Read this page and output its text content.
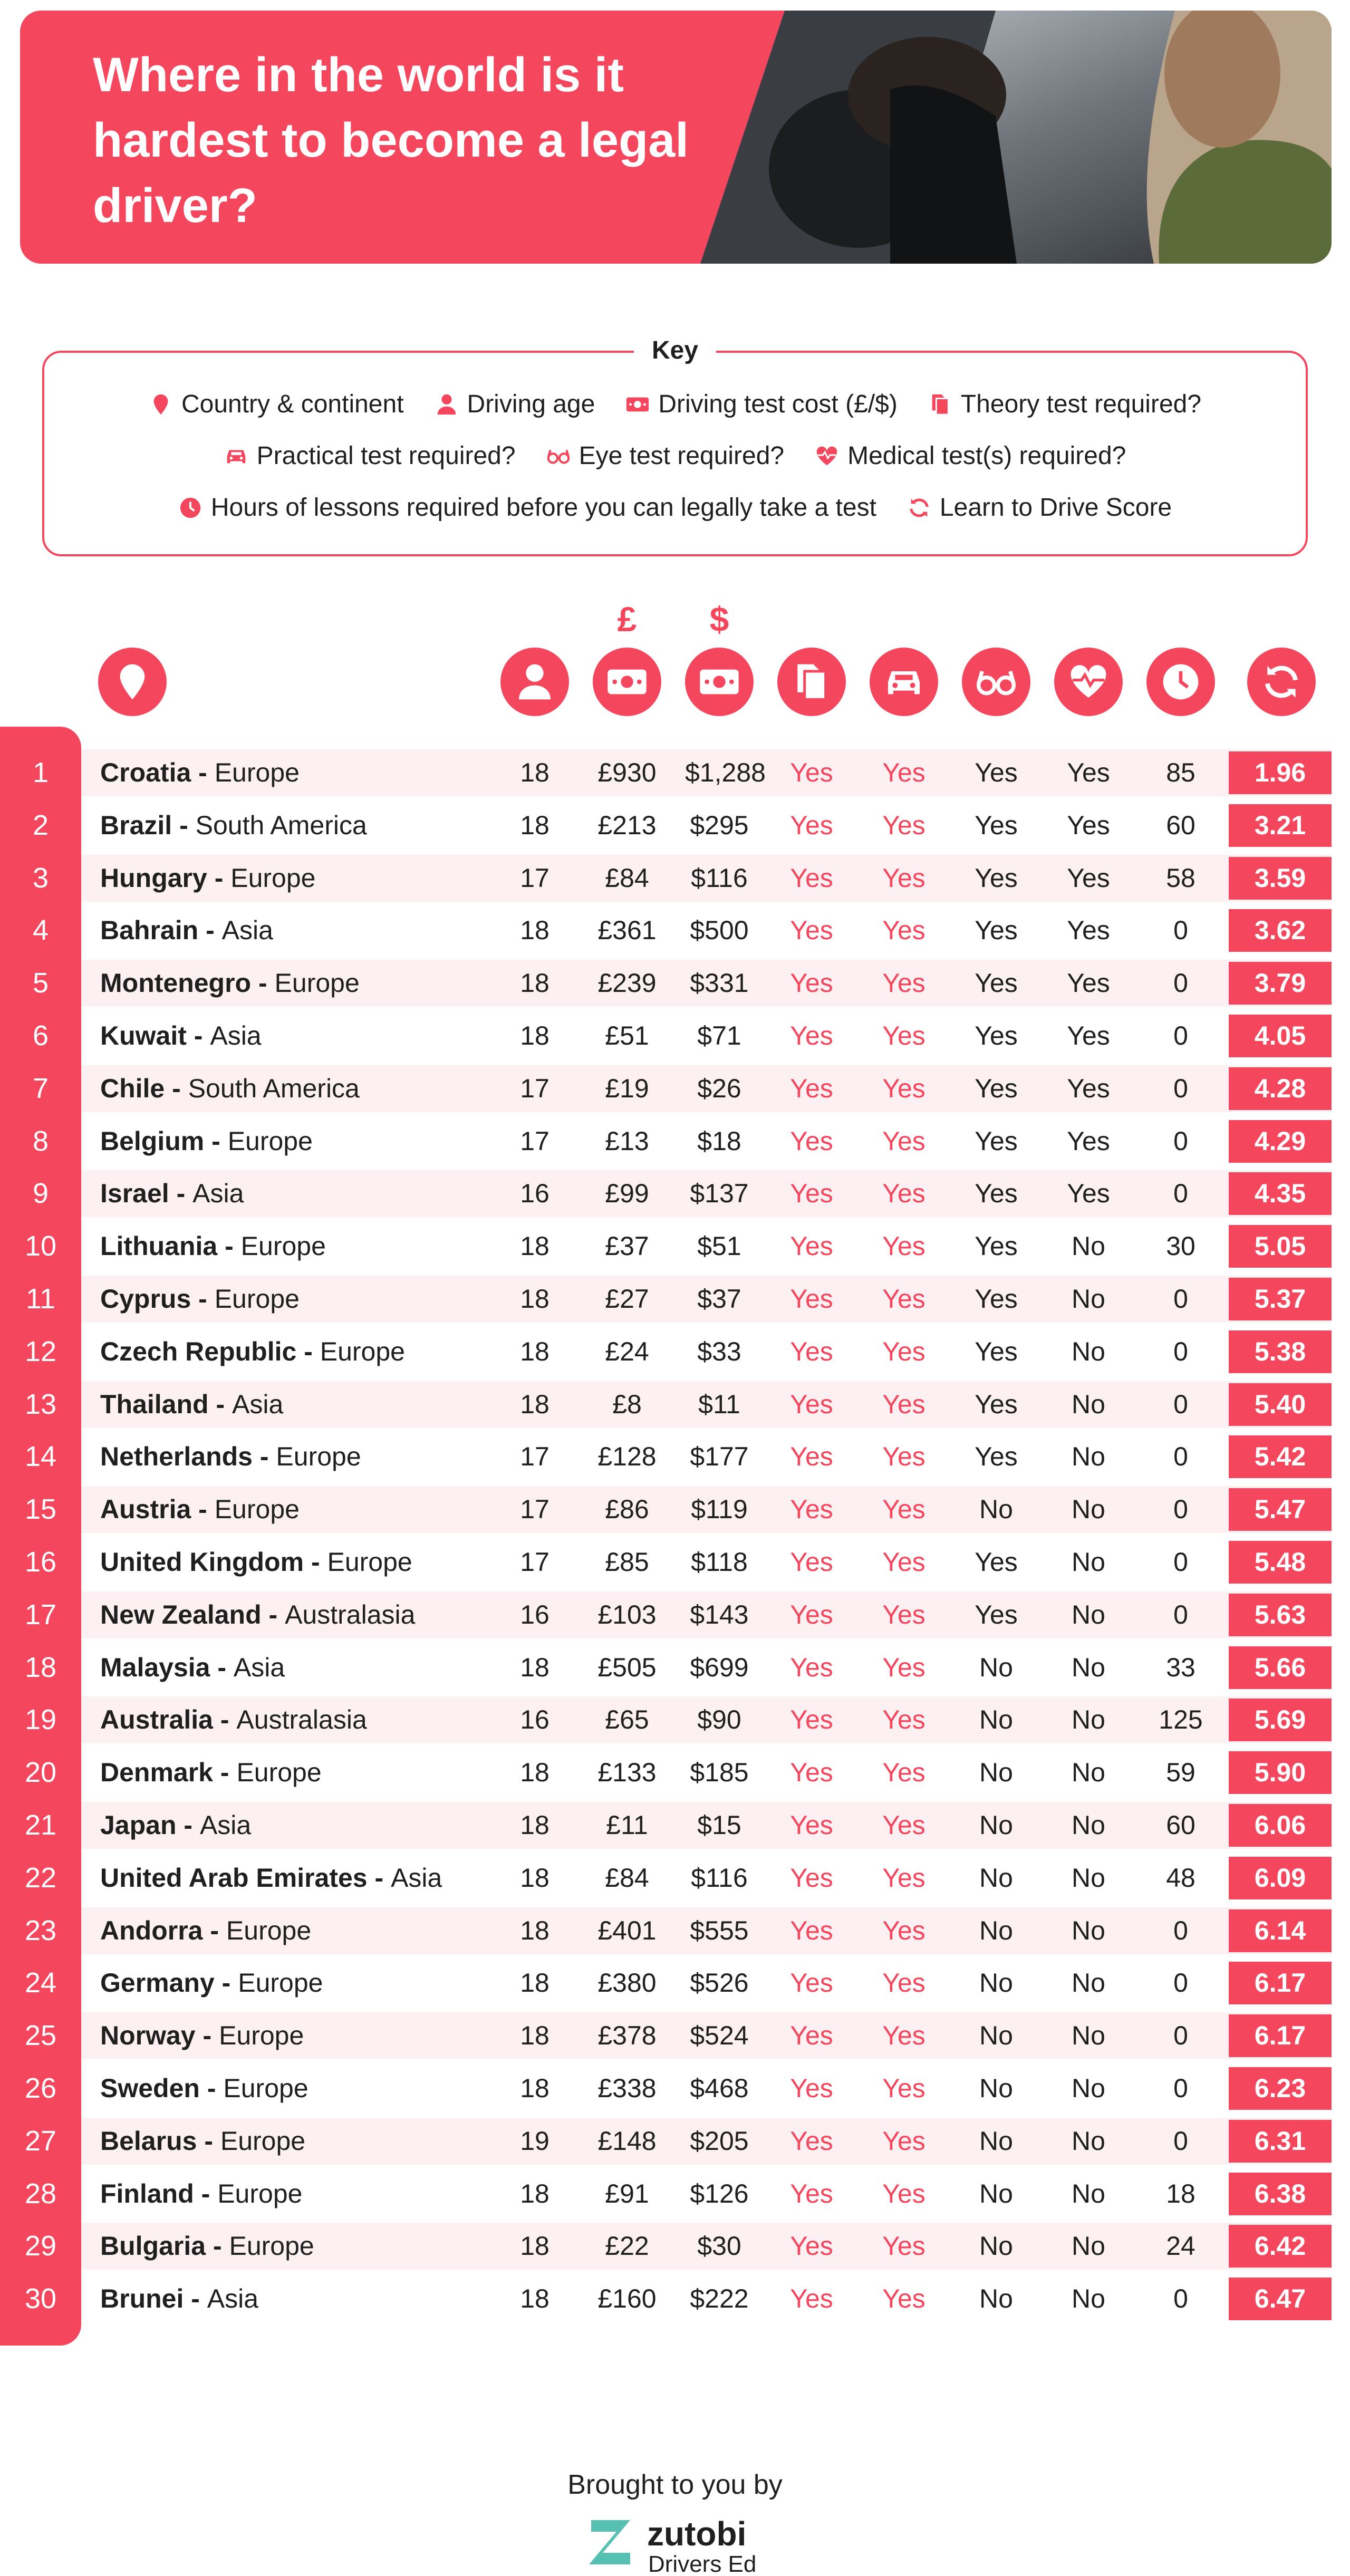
Where in the world is it hardest to become a legal driver?
Key
Country & continent	Driving age	Driving test cost (£/$)	Theory test required?
Practical test required?	Eye test required?	Medical test(s) required?
Hours of lessons required before you can legally take a test	Learn to Drive Score
£	$
1	Croatia - Europe	18	£930 $1,288 Yes	Yes	Yes	Yes	85	1.96
2	Brazil - South America	18	£213 $295	Yes	Yes	Yes	Yes	60	3.21
3	Hungary - Europe	17	£84	$116	Yes	Yes	Yes	Yes	58	3.59
4	Bahrain - Asia	18	£361 $500	Yes	Yes	Yes	Yes	0	3.62
5	Montenegro - Europe	18	£239 $331	Yes	Yes	Yes	Yes	0	3.79
6	Kuwait - Asia	18	£51	$71	Yes	Yes	Yes	Yes	0	4.05
7	Chile - South America	17	£19	$26	Yes	Yes	Yes	Yes	0	4.28
8	Belgium - Europe	17	£13	$18	Yes	Yes	Yes	Yes	0	4.29
9	Israel - Asia	16	£99	$137	Yes	Yes	Yes	Yes	0	4.35
10	Lithuania - Europe	18	£37	$51	Yes	Yes	Yes	No	30	5.05
11	Cyprus - Europe	18	£27	$37	Yes	Yes	Yes	No	0	5.37
12	Czech Republic - Europe	18	£24	$33	Yes	Yes	Yes	No	0	5.38
13	Thailand - Asia	18	£8	$11	Yes	Yes	Yes	No	0	5.40
14	Netherlands - Europe	17	£128 $177	Yes	Yes	Yes	No	0	5.42
15	Austria - Europe	17	£86	$119	Yes	Yes	No	No	0	5.47
16	United Kingdom - Europe	17	£85	$118	Yes	Yes	Yes	No	0	5.48
17	New Zealand - Australasia	16	£103 $143	Yes	Yes	Yes	No	0	5.63
18	Malaysia - Asia	18	£505 $699	Yes	Yes	No	No	33	5.66
19	Australia - Australasia	16	£65	$90	Yes	Yes	No	No	125	5.69
20	Denmark - Europe	18	£133 $185	Yes	Yes	No	No	59	5.90
21	Japan - Asia	18	£11	$15	Yes	Yes	No	No	60	6.06
22	United Arab Emirates - Asia	18	£84	$116	Yes	Yes	No	No	48	6.09
23	Andorra - Europe	18	£401 $555	Yes	Yes	No	No	0	6.14
24	Germany - Europe	18	£380 $526	Yes	Yes	No	No	0	6.17
25	Norway - Europe	18	£378 $524	Yes	Yes	No	No	0	6.17
26	Sweden - Europe	18	£338 $468	Yes	Yes	No	No	0	6.23
27	Belarus - Europe	19	£148 $205	Yes	Yes	No	No	0	6.31
28	Finland - Europe	18	£91	$126	Yes	Yes	No	No	18	6.38
29	Bulgaria - Europe	18	£22	$30	Yes	Yes	No	No	24	6.42
30	Brunei - Asia	18	£160 $222	Yes	Yes	No	No	0	6.47
Brought to you by
zutobi
Drivers Ed
